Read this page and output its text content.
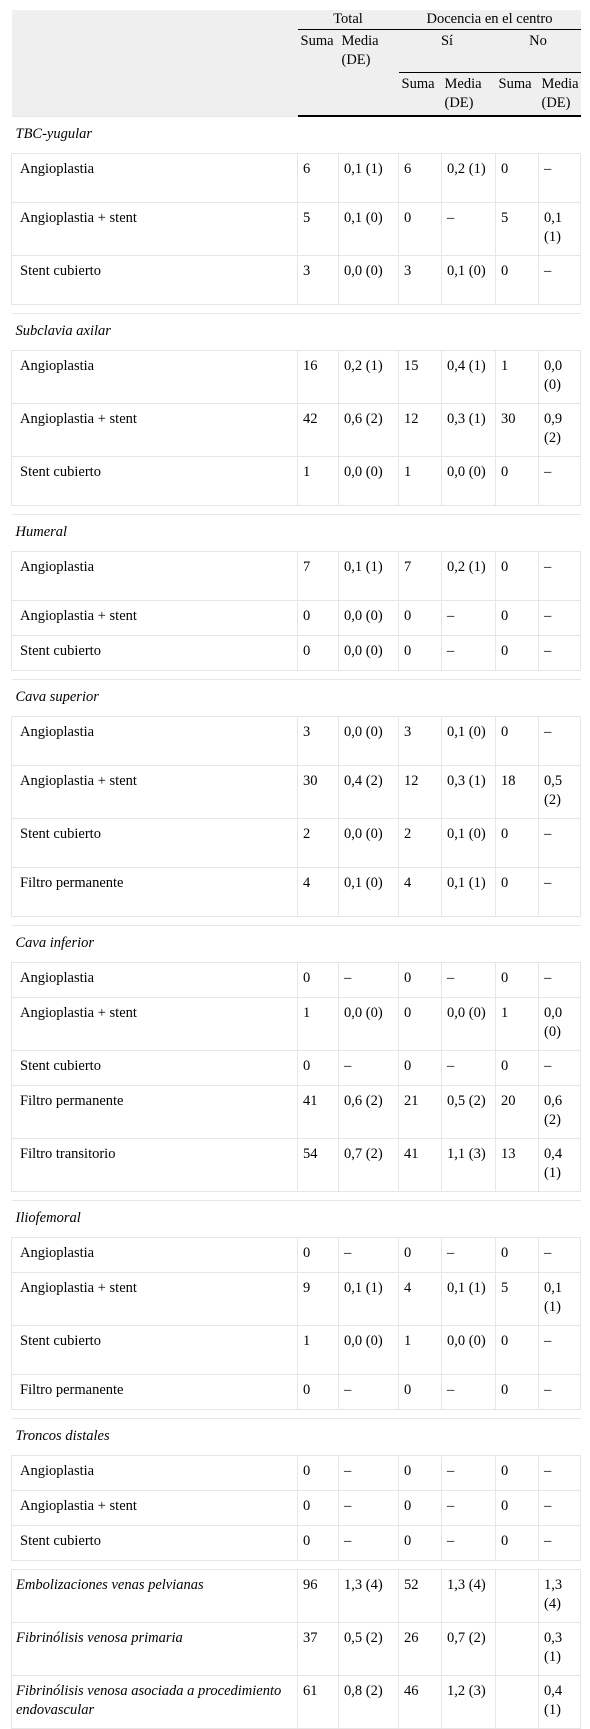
	Total		Docencia en el centro			
	Suma	Media (DE)	Sí		No	
			Suma	Media (DE)	Suma	Media (DE)
TBC-yugular						
Angioplastia	6	0,1 (1)	6	0,2 (1)	0	–
Angioplastia + stent	5	0,1 (0)	0	–	5	0,1 (1)
Stent cubierto	3	0,0 (0)	3	0,1 (0)	0	–

Subclavia axilar						
Angioplastia	16	0,2 (1)	15	0,4 (1)	1	0,0 (0)
Angioplastia + stent	42	0,6 (2)	12	0,3 (1)	30	0,9 (2)
Stent cubierto	1	0,0 (0)	1	0,0 (0)	0	–

Humeral						
Angioplastia	7	0,1 (1)	7	0,2 (1)	0	–
Angioplastia + stent	0	0,0 (0)	0	–	0	–
Stent cubierto	0	0,0 (0)	0	–	0	–

Cava superior						
Angioplastia	3	0,0 (0)	3	0,1 (0)	0	–
Angioplastia + stent	30	0,4 (2)	12	0,3 (1)	18	0,5 (2)
Stent cubierto	2	0,0 (0)	2	0,1 (0)	0	–
Filtro permanente	4	0,1 (0)	4	0,1 (1)	0	–

Cava inferior						
Angioplastia	0	–	0	–	0	–
Angioplastia + stent	1	0,0 (0)	0	0,0 (0)	1	0,0 (0)
Stent cubierto	0	–	0	–	0	–
Filtro permanente	41	0,6 (2)	21	0,5 (2)	20	0,6 (2)
Filtro transitorio	54	0,7 (2)	41	1,1 (3)	13	0,4 (1)

Iliofemoral						
Angioplastia	0	–	0	–	0	–
Angioplastia + stent	9	0,1 (1)	4	0,1 (1)	5	0,1 (1)
Stent cubierto	1	0,0 (0)	1	0,0 (0)	0	–
Filtro permanente	0	–	0	–	0	–

Troncos distales						
Angioplastia	0	–	0	–	0	–
Angioplastia + stent	0	–	0	–	0	–
Stent cubierto	0	–	0	–	0	–

Embolizaciones venas pelvianas	96	1,3 (4)	52	1,3 (4)		1,3 (4)
Fibrinólisis venosa primaria	37	0,5 (2)	26	0,7 (2)		0,3 (1)
Fibrinólisis venosa asociada a procedimiento endovascular	61	0,8 (2)	46	1,2 (3)		0,4 (1)
